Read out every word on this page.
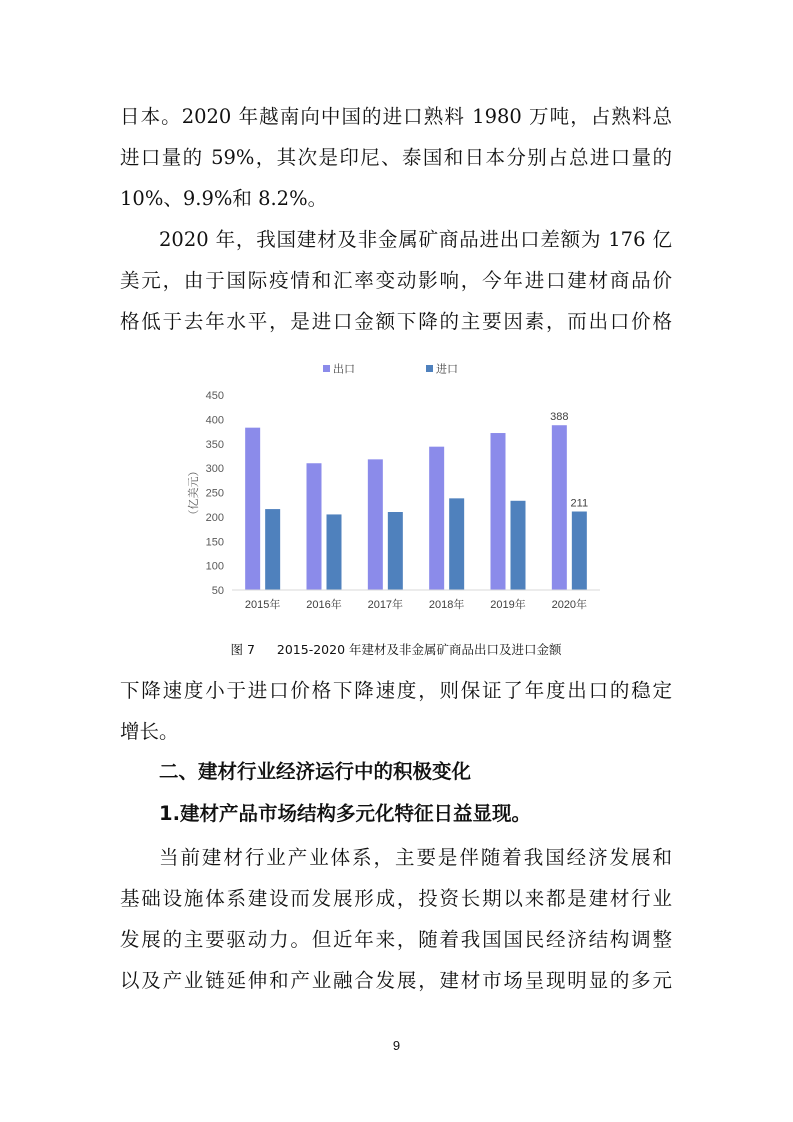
日本。2020 年越南向中国的进口熟料 1980 万吨，占熟料总
进口量的 59%，其次是印尼、泰国和日本分别占总进口量的
10%、9.9%和 8.2%。
2020 年，我国建材及非金属矿商品进出口差额为 176 亿
美元，由于国际疫情和汇率变动影响，今年进口建材商品价
格低于去年水平，是进口金额下降的主要因素，而出口价格
出口	进口
（亿美元）
50
100
150
200
250
300
350
400
450
2015年 2016年 2017年 2018年 2019年 2020年
388
211
图 7 2015-2020 年建材及非金属矿商品出口及进口金额
下降速度小于进口价格下降速度，则保证了年度出口的稳定
增长。
二、建材行业经济运行中的积极变化
1.建材产品市场结构多元化特征日益显现。
当前建材行业产业体系，主要是伴随着我国经济发展和
基础设施体系建设而发展形成，投资长期以来都是建材行业
发展的主要驱动力。但近年来，随着我国国民经济结构调整
以及产业链延伸和产业融合发展，建材市场呈现明显的多元
9
